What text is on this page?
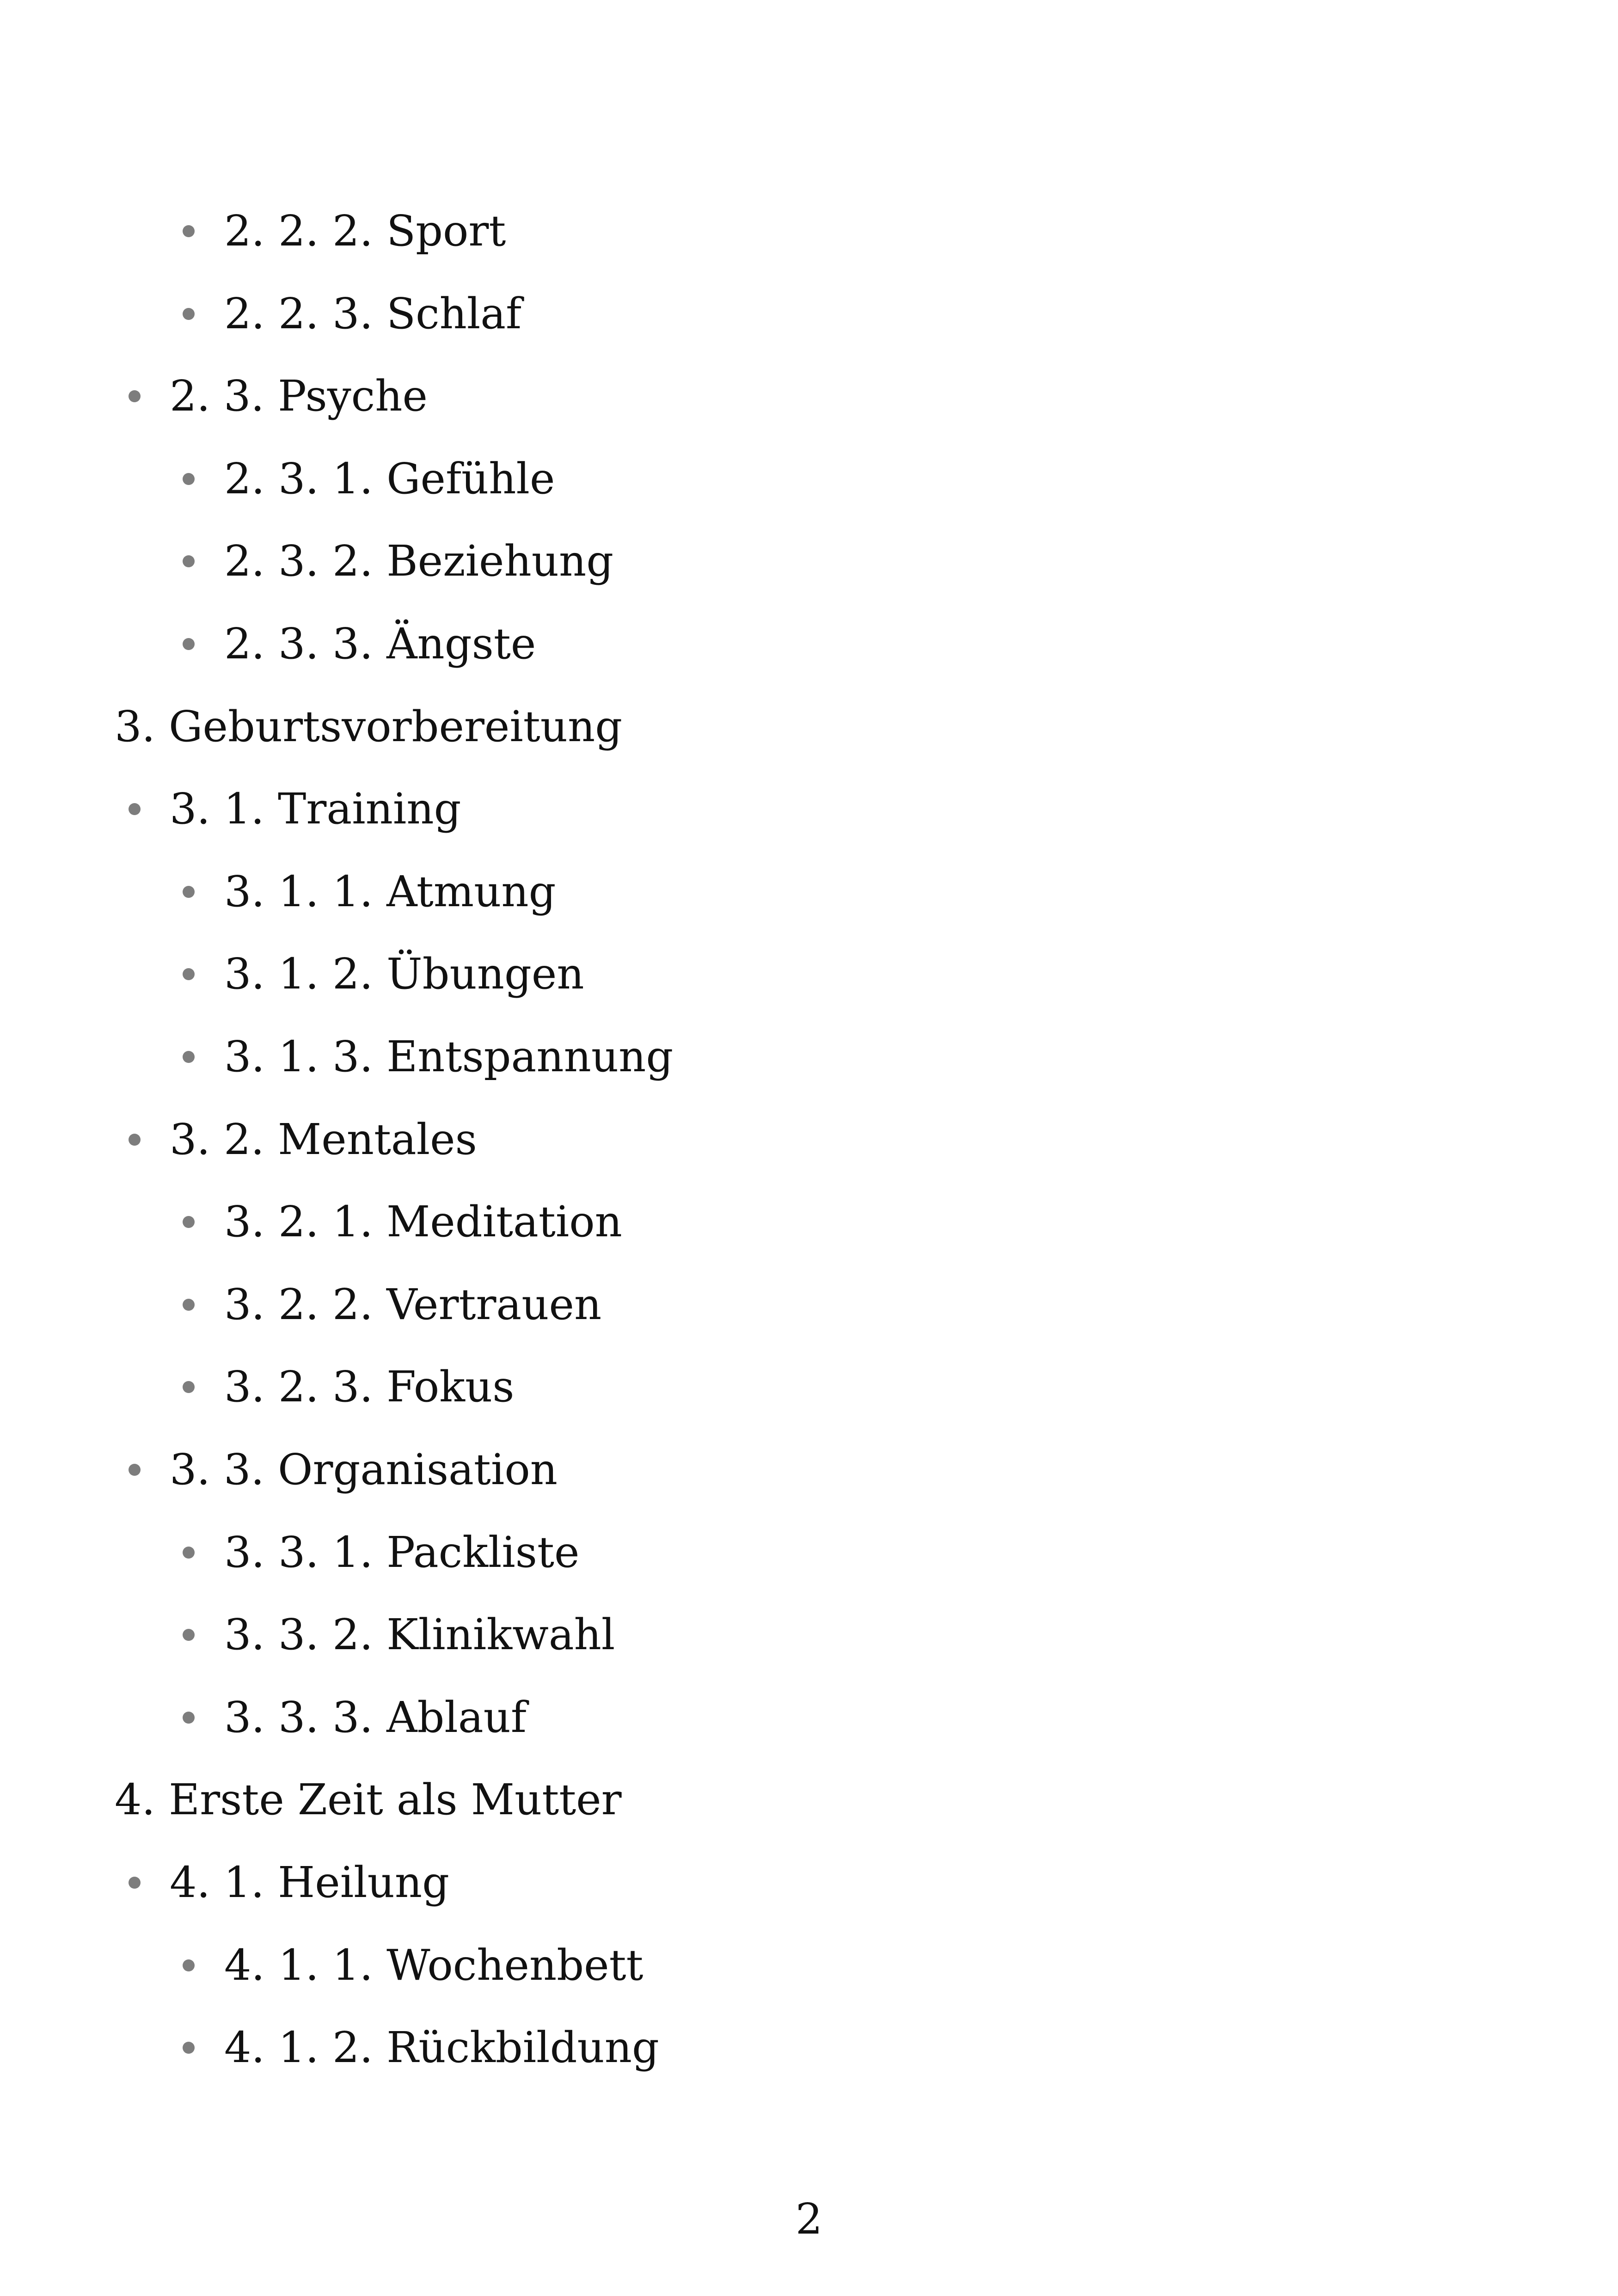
2. 2. 2. Sport
2. 2. 3. Schlaf
2. 3. Psyche
2. 3. 1. Gefühle
2. 3. 2. Beziehung
2. 3. 3. Ängste
3. Geburtsvorbereitung
3. 1. Training
3. 1. 1. Atmung
3. 1. 2. Übungen
3. 1. 3. Entspannung
3. 2. Mentales
3. 2. 1. Meditation
3. 2. 2. Vertrauen
3. 2. 3. Fokus
3. 3. Organisation
3. 3. 1. Packliste
3. 3. 2. Klinikwahl
3. 3. 3. Ablauf
4. Erste Zeit als Mutter
4. 1. Heilung
4. 1. 1. Wochenbett
4. 1. 2. Rückbildung
2
